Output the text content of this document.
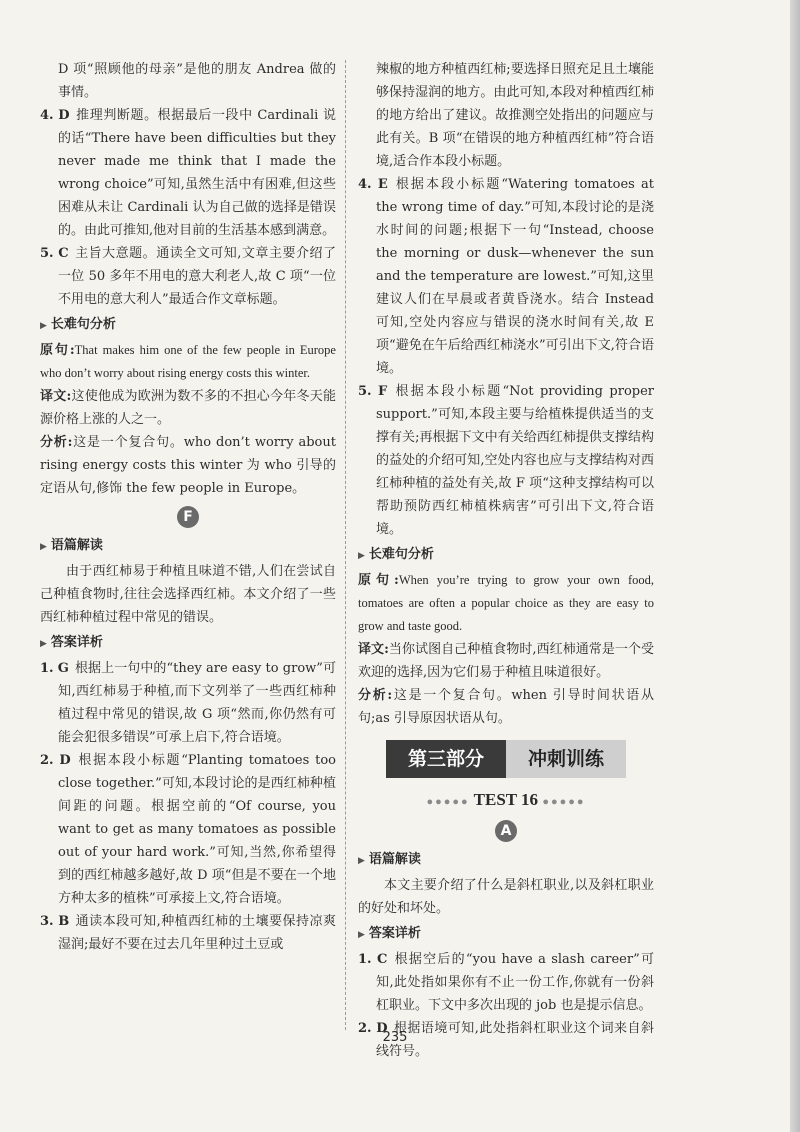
D 项“照顾他的母亲”是他的朋友 Andrea 做的事情。

4. D 推理判断题。根据最后一段中 Cardinali 说的话“There have been difficulties but they never made me think that I made the wrong choice”可知,虽然生活中有困难,但这些困难从未让 Cardinali 认为自己做的选择是错误的。由此可推知,他对目前的生活基本感到满意。

5. C 主旨大意题。通读全文可知,文章主要介绍了一位 50 多年不用电的意大利老人,故 C 项“一位不用电的意大利人”最适合作文章标题。

▶ 长难句分析

原句:That makes him one of the few people in Europe who don’t worry about rising energy costs this winter.

译文:这使他成为欧洲为数不多的不担心今年冬天能源价格上涨的人之一。

分析:这是一个复合句。who don’t worry about rising energy costs this winter 为 who 引导的定语从句,修饰 the few people in Europe。

F
▶ 语篇解读

由于西红柿易于种植且味道不错,人们在尝试自己种植食物时,往往会选择西红柿。本文介绍了一些西红柿种植过程中常见的错误。

▶ 答案详析

1. G 根据上一句中的“they are easy to grow”可知,西红柿易于种植,而下文列举了一些西红柿种植过程中常见的错误,故 G 项“然而,你仍然有可能会犯很多错误”可承上启下,符合语境。

2. D 根据本段小标题“Planting tomatoes too close together.”可知,本段讨论的是西红柿种植间距的问题。根据空前的“Of course, you want to get as many tomatoes as possible out of your hard work.”可知,当然,你希望得到的西红柿越多越好,故 D 项“但是不要在一个地方种太多的植株”可承接上文,符合语境。

3. B 通读本段可知,种植西红柿的土壤要保持凉爽湿润;最好不要在过去几年里种过土豆或

辣椒的地方种植西红柿;要选择日照充足且土壤能够保持湿润的地方。由此可知,本段对种植西红柿的地方给出了建议。故推测空处指出的问题应与此有关。B 项“在错误的地方种植西红柿”符合语境,适合作本段小标题。

4. E 根据本段小标题“Watering tomatoes at the wrong time of day.”可知,本段讨论的是浇水时间的问题;根据下一句“Instead, choose the morning or dusk—whenever the sun and the temperature are lowest.”可知,这里建议人们在早晨或者黄昏浇水。结合 Instead 可知,空处内容应与错误的浇水时间有关,故 E 项“避免在午后给西红柿浇水”可引出下文,符合语境。

5. F 根据本段小标题“Not providing proper support.”可知,本段主要与给植株提供适当的支撑有关;再根据下文中有关给西红柿提供支撑结构的益处的介绍可知,空处内容也应与支撑结构对西红柿种植的益处有关,故 F 项“这种支撑结构可以帮助预防西红柿植株病害”可引出下文,符合语境。

▶ 长难句分析

原句:When you’re trying to grow your own food, tomatoes are often a popular choice as they are easy to grow and taste good.

译文:当你试图自己种植食物时,西红柿通常是一个受欢迎的选择,因为它们易于种植且味道很好。

分析:这是一个复合句。when 引导时间状语从句;as 引导原因状语从句。

第三部分	冲刺训练
●●●●● TEST 16 ●●●●●
A
▶ 语篇解读

本文主要介绍了什么是斜杠职业,以及斜杠职业的好处和坏处。

▶ 答案详析

1. C 根据空后的“you have a slash career”可知,此处指如果你有不止一份工作,你就有一份斜杠职业。下文中多次出现的 job 也是提示信息。

2. D 根据语境可知,此处指斜杠职业这个词来自斜线符号。

235
